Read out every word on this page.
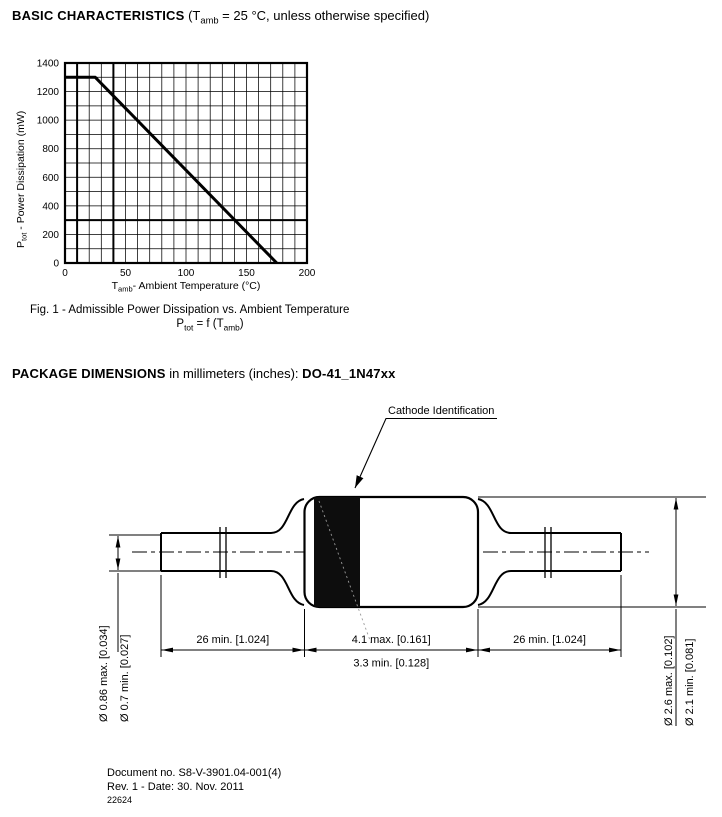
BASIC CHARACTERISTICS ($T_{amb} = 25$ °C, unless otherwise specified)
0	50	100	150	200
0
200
400
600
800
1000
1200
1400
$P_{tot}$ - Power Dissipation (mW)
$T_{amb}-$ Ambient Temperature (°C)
Fig. 1 - Admissible Power Dissipation vs. Ambient Temperature
$P_{tot} = f$ $(T_{amb})$
PACKAGE DIMENSIONS in millimeters (inches): DO-41_1N47xx
Cathode Identification
26 min. [1.024]	4.1 max. [0.161]	26 min. [1.024]
3.3 min. [0.128]
Ø 0.86 max. [0.034] Ø 0.7 min. [0.027]	Ø 2.6 max. [0.102] Ø 2.1 min. [0.081]
Document no. S8-V-3901.04-001(4)
Rev. 1 - Date: 30. Nov. 2011
22624
